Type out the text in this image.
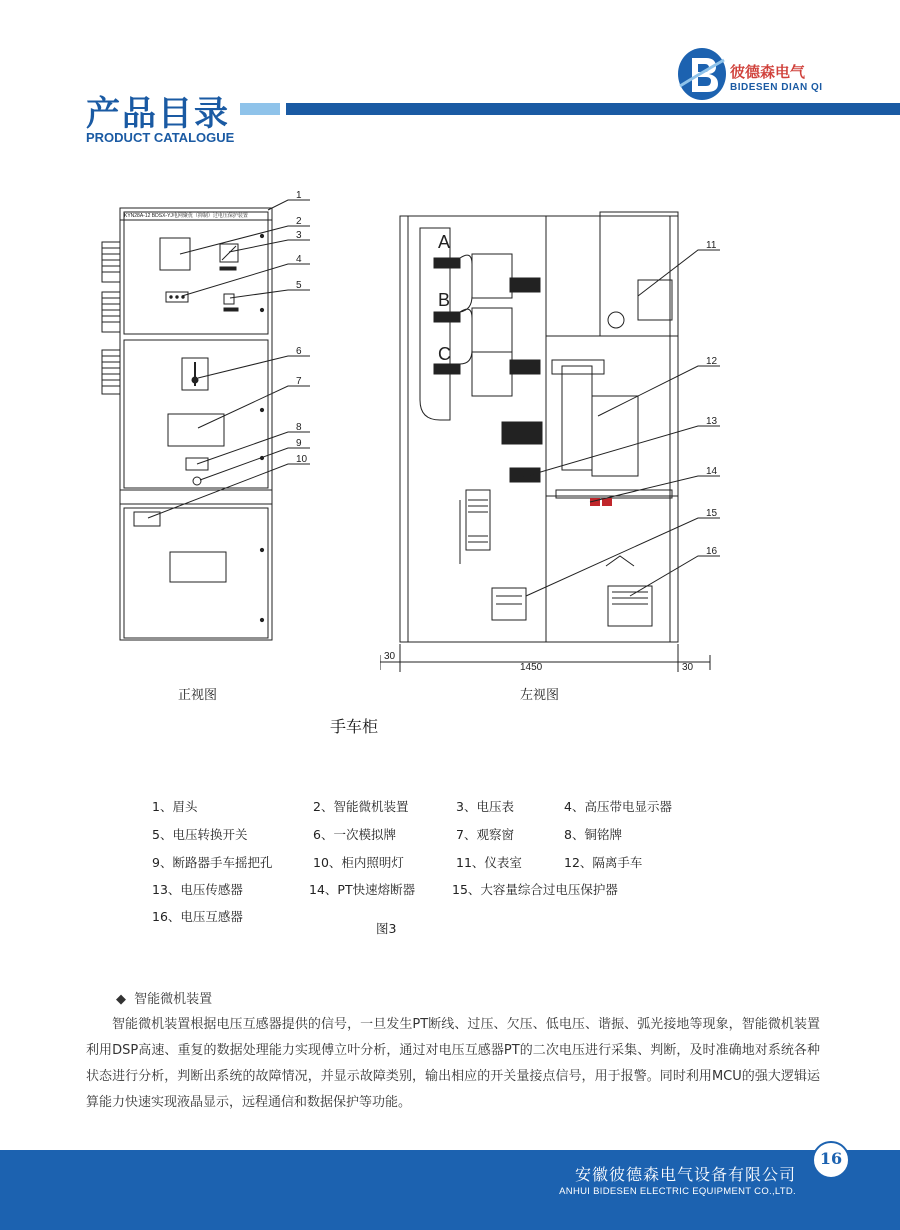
产品目录
PRODUCT CATALOGUE
彼德森电气
BIDESEN DIAN QI
KYN28A-12 BDSX-YJ电网聚优（抑制）过电压保护装置
1
2
3
4
5
6
7
8
9
10
A
B
C
11
12
13
14
15
16
30
1450	30
正视图	左视图
手车柜
1、眉头	2、智能微机装置	3、电压表	4、高压带电显示器
5、电压转换开关	6、一次模拟牌	7、观察窗	8、铜铭牌
9、断路器手车摇把孔	10、柜内照明灯	11、仪表室	12、隔离手车
13、电压传感器	14、PT快速熔断器	15、大容量综合过电压保护器
16、电压互感器
图3
◆ 智能微机装置
智能微机装置根据电压互感器提供的信号，一旦发生PT断线、过压、欠压、低电压、谐振、弧光接地等现象，智能微机装置利用DSP高速、重复的数据处理能力实现傅立叶分析，通过对电压互感器PT的二次电压进行采集、判断，及时准确地对系统各种状态进行分析，判断出系统的故障情况，并显示故障类别，输出相应的开关量接点信号，用于报警。同时利用MCU的强大逻辑运算能力快速实现液晶显示，远程通信和数据保护等功能。
安徽彼德森电气设备有限公司
ANHUI BIDESEN ELECTRIC EQUIPMENT CO.,LTD.
16
